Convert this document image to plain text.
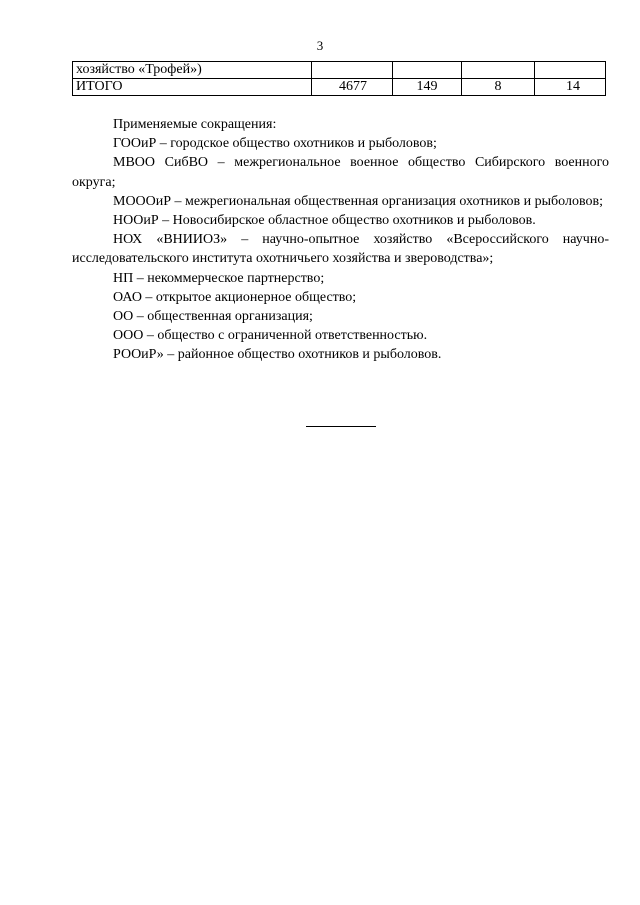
3
хозяйство «Трофей»)				
ИТОГО	4677	149	8	14

Применяемые сокращения:

ГООиР – городское общество охотников и рыболовов;

МВОО СибВО – межрегиональное военное общество Сибирского военного округа;

МОООиР – межрегиональная общественная организация охотников и рыболовов;

НООиР – Новосибирское областное общество охотников и рыболовов.

НОХ «ВНИИОЗ» – научно-опытное хозяйство «Всероссийского научно-исследовательского института охотничьего хозяйства и звероводства»;

НП – некоммерческое партнерство;

ОАО – открытое акционерное общество;

ОО – общественная организация;

ООО – общество с ограниченной ответственностью.

РООиР» – районное общество охотников и рыболовов.
